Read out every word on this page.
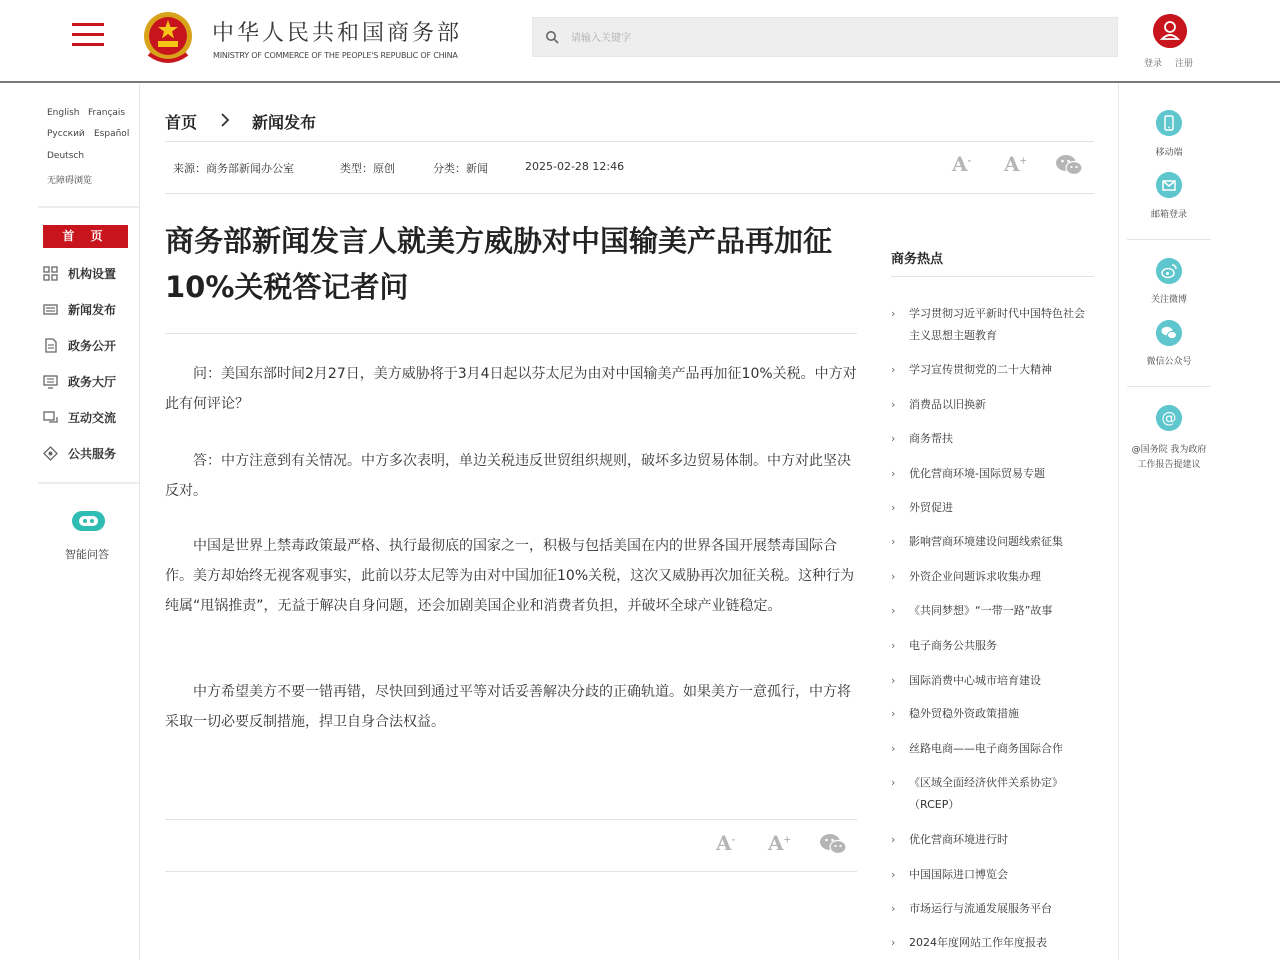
中华人民共和国商务部
MINISTRY OF COMMERCE OF THE PEOPLE'S REPUBLIC OF CHINA
请输入关键字
登录 注册
English Français
Русский Español
Deutsch
无障碍浏览
首 页
机构设置
新闻发布
政务公开
政务大厅
互动交流
公共服务
智能问答
首页	新闻发布
来源：商务部新闻办公室	类型：原创	分类：新闻	2025-02-28 12:46	A- A+
商务部新闻发言人就美方威胁对中国输美产品再加征10%关税答记者问
问：美国东部时间2月27日，美方威胁将于3月4日起以芬太尼为由对中国输美产品再加征10%关税。中方对此有何评论？
答：中方注意到有关情况。中方多次表明，单边关税违反世贸组织规则，破坏多边贸易体制。中方对此坚决反对。
中国是世界上禁毒政策最严格、执行最彻底的国家之一，积极与包括美国在内的世界各国开展禁毒国际合作。美方却始终无视客观事实，此前以芬太尼等为由对中国加征10%关税，这次又威胁再次加征关税。这种行为纯属“甩锅推责”，无益于解决自身问题，还会加剧美国企业和消费者负担，并破坏全球产业链稳定。
中方希望美方不要一错再错，尽快回到通过平等对话妥善解决分歧的正确轨道。如果美方一意孤行，中方将采取一切必要反制措施，捍卫自身合法权益。
A- A+
商务热点
› 学习贯彻习近平新时代中国特色社会主义思想主题教育
› 学习宣传贯彻党的二十大精神
› 消费品以旧换新
› 商务帮扶
› 优化营商环境-国际贸易专题
› 外贸促进
› 影响营商环境建设问题线索征集
› 外资企业问题诉求收集办理
› 《共同梦想》“一带一路”故事
› 电子商务公共服务
› 国际消费中心城市培育建设
› 稳外贸稳外资政策措施
› 丝路电商——电子商务国际合作
› 《区域全面经济伙伴关系协定》（RCEP）
› 优化营商环境进行时
› 中国国际进口博览会
› 市场运行与流通发展服务平台
› 2024年度网站工作年度报表
移动端
邮箱登录
关注微博
微信公众号
@
@国务院 我为政府
工作报告提建议
